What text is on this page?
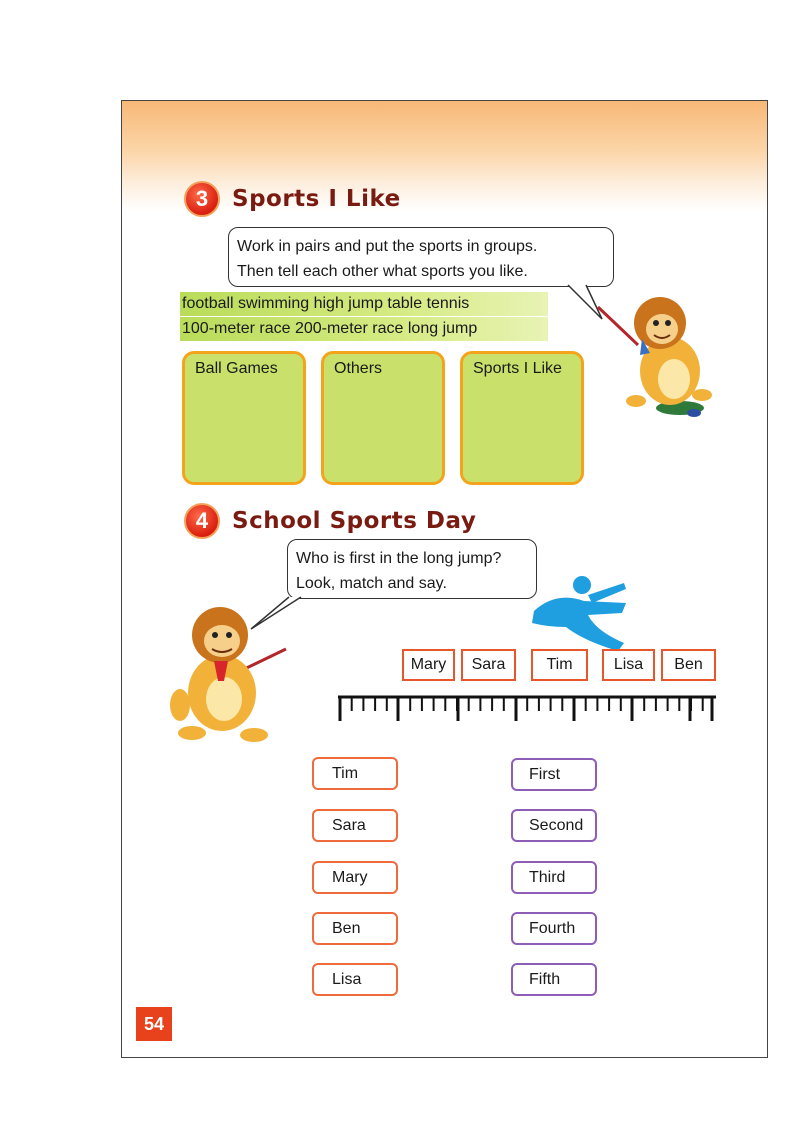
3	Sports I Like
Work in pairs and put the sports in groups.
Then tell each other what sports you like.
football swimming high jump table tennis
100-meter race 200-meter race long jump
Ball Games	Others	Sports I Like
4	School Sports Day
Who is first in the long jump?
Look, match and say.
Mary	Sara	Tim	Lisa	Ben
Tim
Sara
Mary
Ben
Lisa
First
Second
Third
Fourth
Fifth
54
